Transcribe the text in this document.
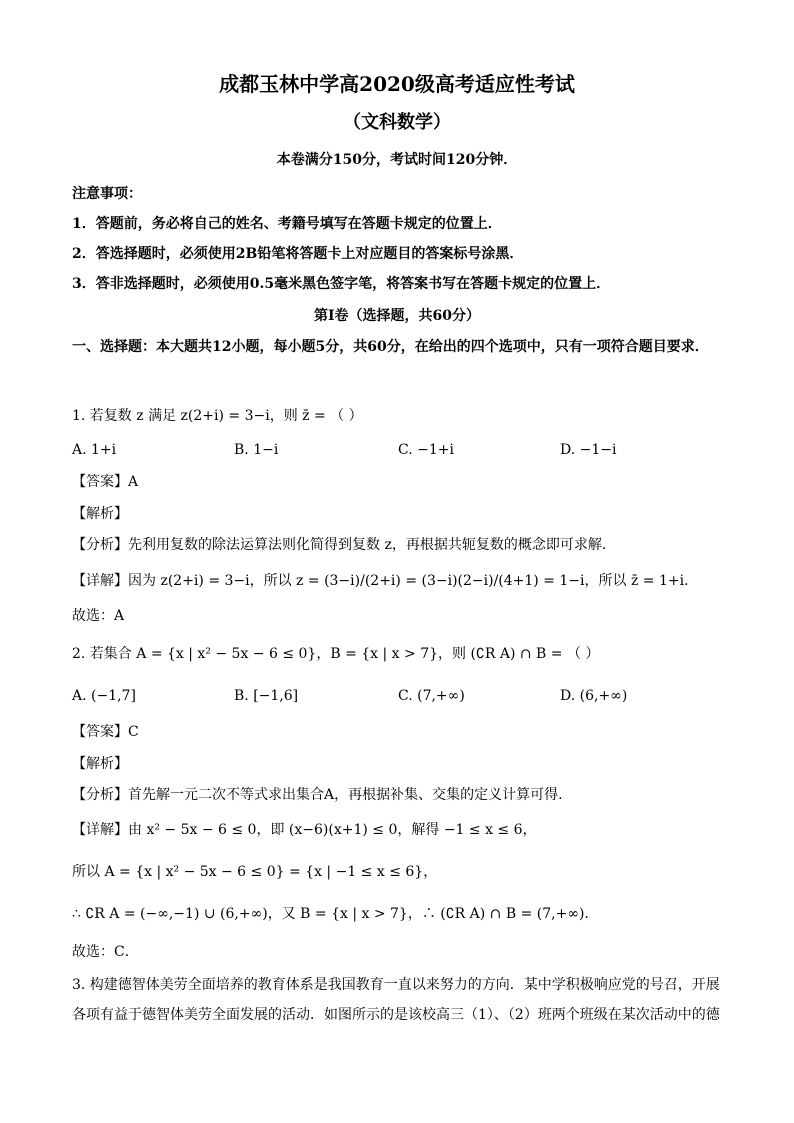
成都玉林中学高2020级高考适应性考试
（文科数学）
本卷满分150分，考试时间120分钟．
注意事项：
1．答题前，务必将自己的姓名、考籍号填写在答题卡规定的位置上．
2．答选择题时，必须使用2B铅笔将答题卡上对应题目的答案标号涂黑．
3．答非选择题时，必须使用0.5毫米黑色签字笔，将答案书写在答题卡规定的位置上．
第Ⅰ卷（选择题，共60分）
一、选择题：本大题共12小题，每小题5分，共60分，在给出的四个选项中，只有一项符合题目要求．
1. 若复数 z 满足 z(2+i) = 3−i，则 z̄ = （ ）
A. 1+i	B. 1−i	C. −1+i	D. −1−i
【答案】A
【解析】
【分析】先利用复数的除法运算法则化简得到复数 z，再根据共轭复数的概念即可求解.
【详解】因为 z(2+i) = 3−i，所以 z = (3−i)/(2+i) = (3−i)(2−i)/(4+1) = 1−i，所以 z̄ = 1+i．
故选：A
2. 若集合 A = {x | x² − 5x − 6 ≤ 0}，B = {x | x > 7}，则 (∁R A) ∩ B = （ ）
A. (−1,7]	B. [−1,6]	C. (7,+∞)	D. (6,+∞)
【答案】C
【解析】
【分析】首先解一元二次不等式求出集合A，再根据补集、交集的定义计算可得.
【详解】由 x² − 5x − 6 ≤ 0，即 (x−6)(x+1) ≤ 0，解得 −1 ≤ x ≤ 6，
所以 A = {x | x² − 5x − 6 ≤ 0} = {x | −1 ≤ x ≤ 6}，
∴ ∁R A = (−∞,−1) ∪ (6,+∞)，又 B = {x | x > 7}，∴ (∁R A) ∩ B = (7,+∞)．
故选：C．
3. 构建德智体美劳全面培养的教育体系是我国教育一直以来努力的方向．某中学积极响应党的号召，开展各项有益于德智体美劳全面发展的活动．如图所示的是该校高三（1）、（2）班两个班级在某次活动中的德
